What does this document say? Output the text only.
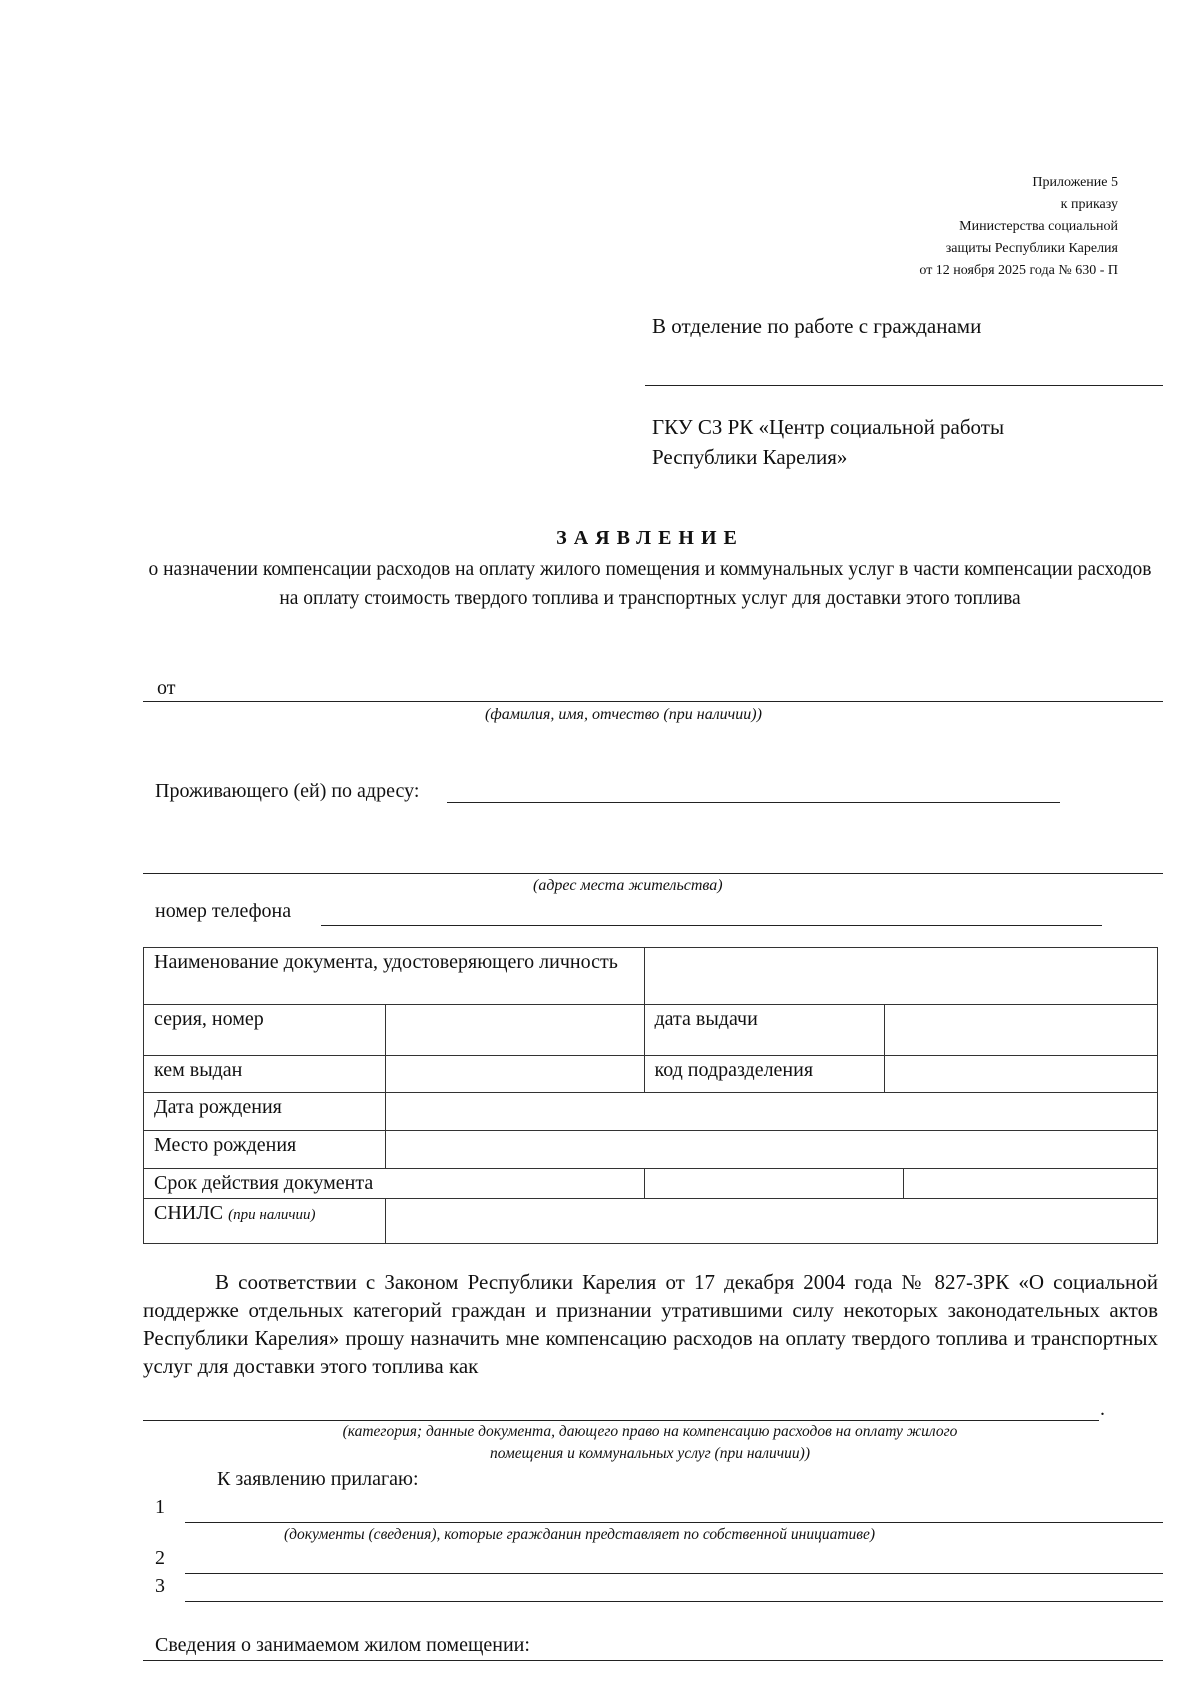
Приложение 5
к приказу
Министерства социальной
защиты Республики Карелия
от 12 ноября 2025 года № 630 - П
В отделение по работе с гражданами
ГКУ СЗ РК «Центр социальной работы
Республики Карелия»
ЗАЯВЛЕНИЕ
о назначении компенсации расходов на оплату жилого помещения и коммунальных услуг в части компенсации расходов на оплату стоимость твердого топлива и транспортных услуг для доставки этого топлива
от
(фамилия, имя, отчество (при наличии))
Проживающего (ей) по адресу:
(адрес места жительства)
номер телефона
Наименование документа, удостоверяющего личность				
серия, номер		дата выдачи		
кем выдан		код подразделения		
Дата рождения				
Место рождения				
Срок действия документа				
СНИЛС (при наличии)				
В соответствии с Законом Республики Карелия от 17 декабря 2004 года № 827-ЗРК «О социальной поддержке отдельных категорий граждан и признании утратившими силу некоторых законодательных актов Республики Карелия» прошу назначить мне компенсацию расходов на оплату твердого топлива и транспортных услуг для доставки этого топлива как
.
(категория; данные документа, дающего право на компенсацию расходов на оплату жилого
помещения и коммунальных услуг (при наличии))
К заявлению прилагаю:
1
(документы (сведения), которые гражданин представляет по собственной инициативе)
2
3
Сведения о занимаемом жилом помещении:
